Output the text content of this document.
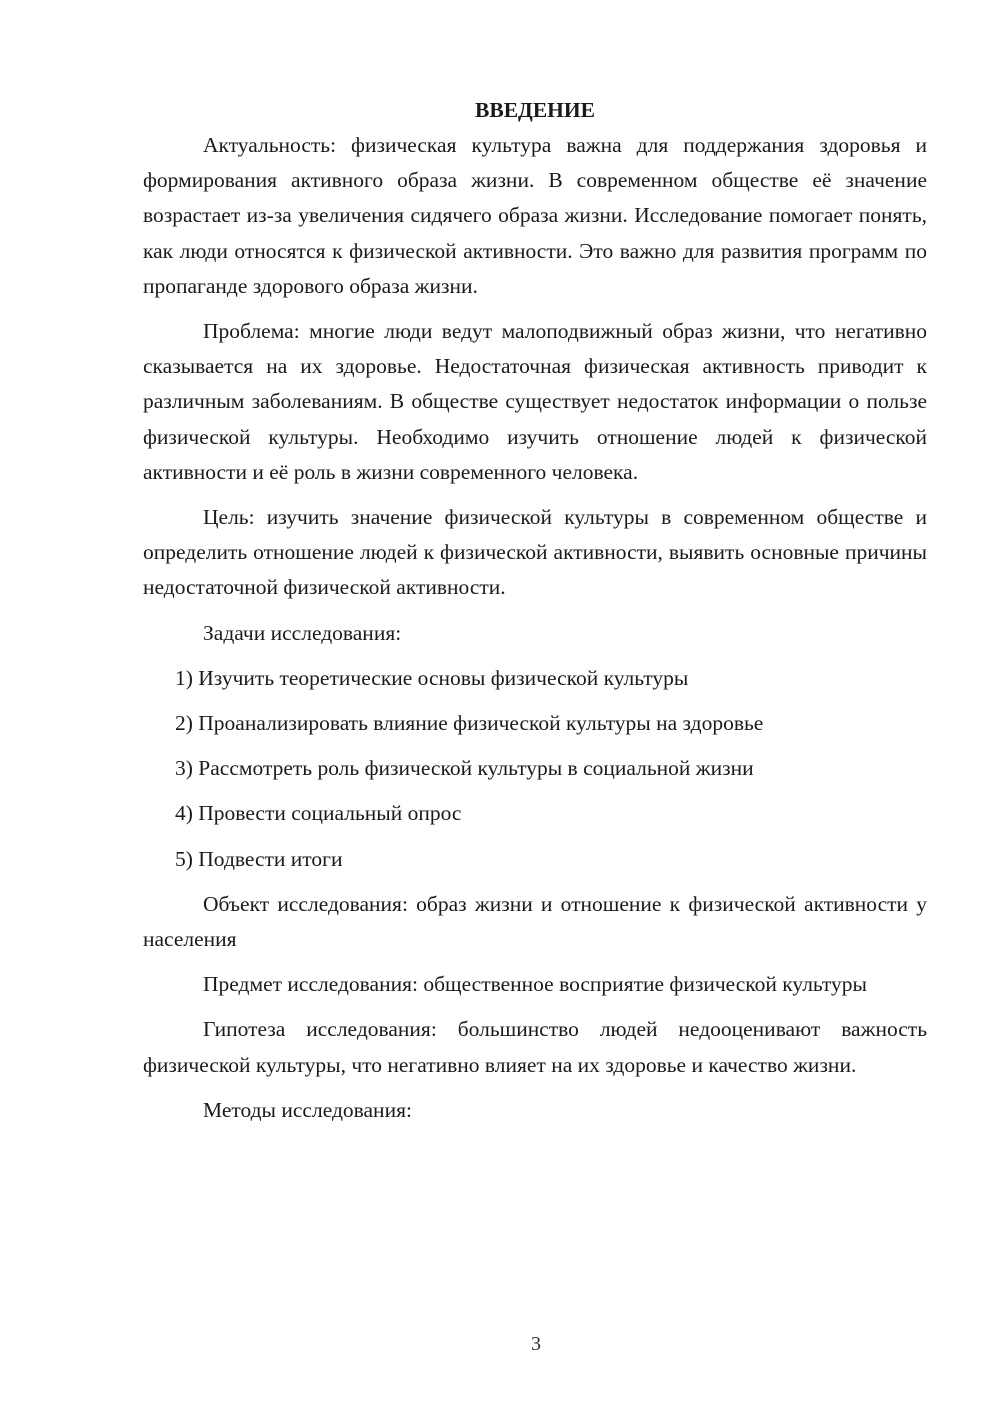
ВВЕДЕНИЕ

Актуальность: физическая культура важна для поддержания здоровья и формирования активного образа жизни. В современном обществе её значение возрастает из-за увеличения сидячего образа жизни. Исследование помогает понять, как люди относятся к физической активности. Это важно для развития программ по пропаганде здорового образа жизни.

Проблема: многие люди ведут малоподвижный образ жизни, что негативно сказывается на их здоровье. Недостаточная физическая активность приводит к различным заболеваниям. В обществе существует недостаток информации о пользе физической культуры. Необходимо изучить отношение людей к физической активности и её роль в жизни современного человека.

Цель: изучить значение физической культуры в современном обществе и определить отношение людей к физической активности, выявить основные причины недостаточной физической активности.

Задачи исследования:

1) Изучить теоретические основы физической культуры
2) Проанализировать влияние физической культуры на здоровье
3) Рассмотреть роль физической культуры в социальной жизни
4) Провести социальный опрос
5) Подвести итоги

Объект исследования: образ жизни и отношение к физической активности у населения

Предмет исследования: общественное восприятие физической культуры

Гипотеза исследования: большинство людей недооценивают важность физической культуры, что негативно влияет на их здоровье и качество жизни.

Методы исследования:

3
